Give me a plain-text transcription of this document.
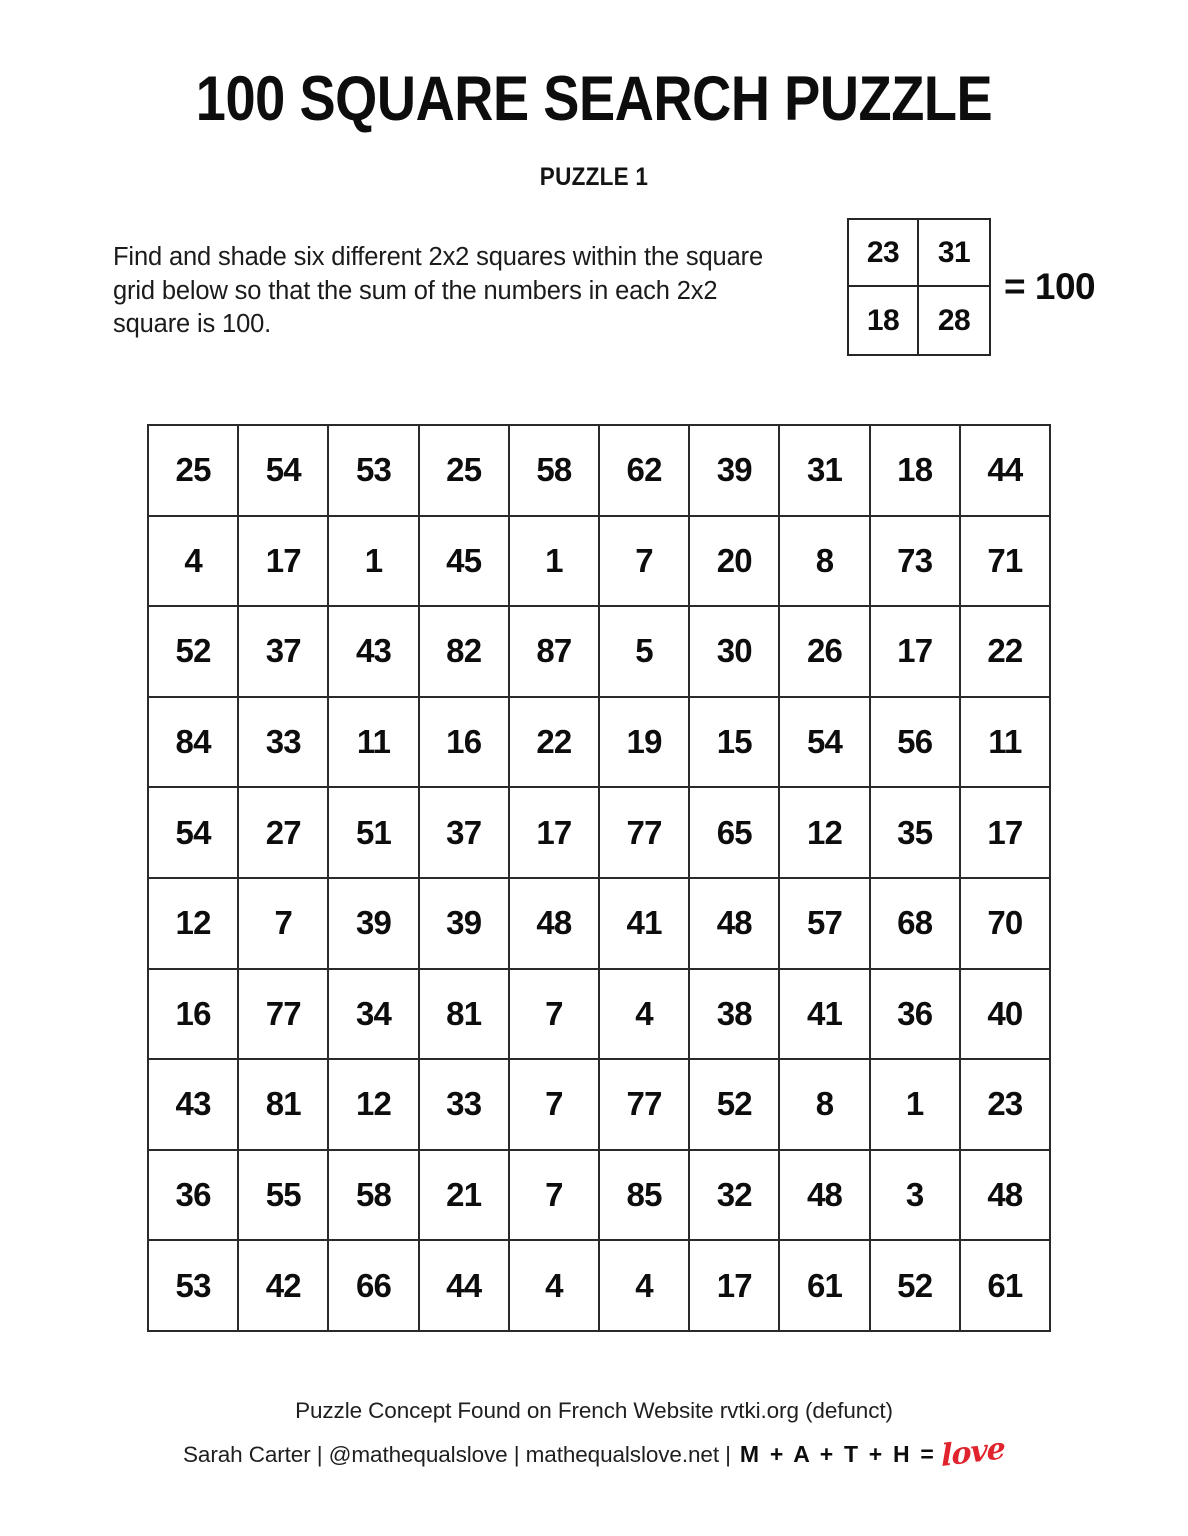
100 SQUARE SEARCH PUZZLE
PUZZLE 1
Find and shade six different 2x2 squares within the square grid below so that the sum of the numbers in each 2x2 square is 100.
23	31
18	28
= 100
25	54	53	25	58	62	39	31	18	44
4	17	1	45	1	7	20	8	73	71
52	37	43	82	87	5	30	26	17	22
84	33	11	16	22	19	15	54	56	11
54	27	51	37	17	77	65	12	35	17
12	7	39	39	48	41	48	57	68	70
16	77	34	81	7	4	38	41	36	40
43	81	12	33	7	77	52	8	1	23
36	55	58	21	7	85	32	48	3	48
53	42	66	44	4	4	17	61	52	61
Puzzle Concept Found on French Website rvtki.org (defunct)
Sarah Carter | @mathequalslove | mathequalslove.net | M + A + T + H = love
